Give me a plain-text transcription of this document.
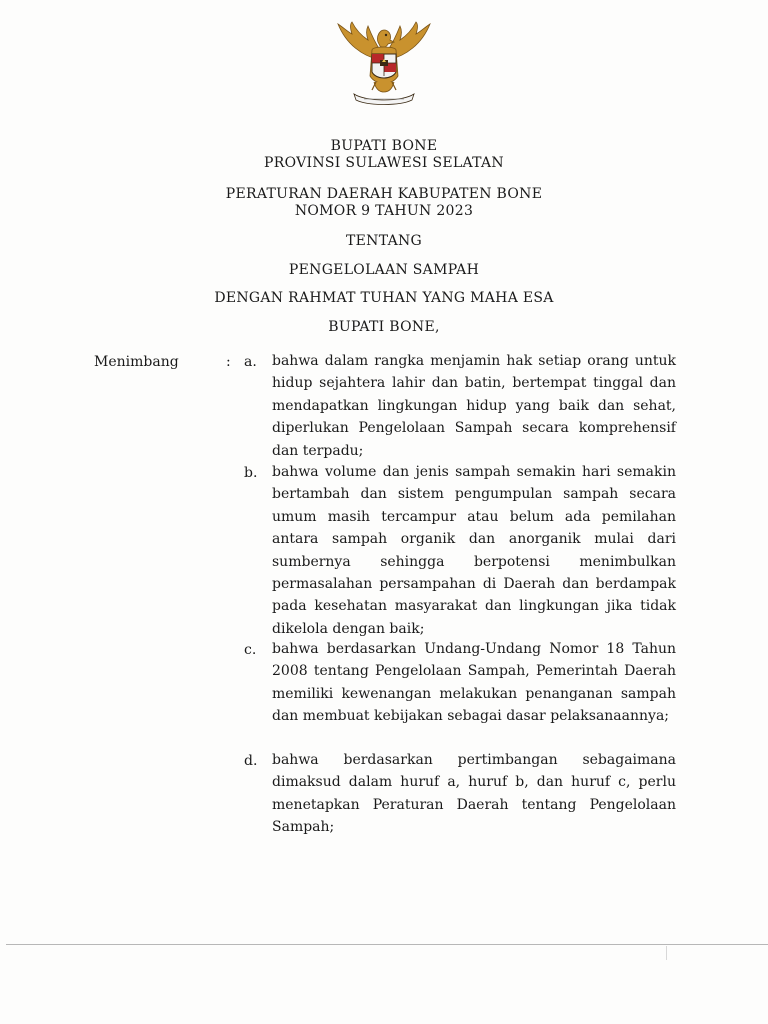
BUPATI BONE
PROVINSI SULAWESI SELATAN
PERATURAN DAERAH KABUPATEN BONE
NOMOR 9 TAHUN 2023
TENTANG
PENGELOLAAN SAMPAH
DENGAN RAHMAT TUHAN YANG MAHA ESA
BUPATI BONE,
Menimbang	: a.	bahwa dalam rangka menjamin hak setiap orang untuk hidup sejahtera lahir dan batin, bertempat tinggal dan mendapatkan lingkungan hidup yang baik dan sehat, diperlukan Pengelolaan Sampah secara komprehensif dan terpadu;
b.	bahwa volume dan jenis sampah semakin hari semakin bertambah dan sistem pengumpulan sampah secara umum masih tercampur atau belum ada pemilahan antara sampah organik dan anorganik mulai dari sumbernya sehingga berpotensi menimbulkan permasalahan persampahan di Daerah dan berdampak pada kesehatan masyarakat dan lingkungan jika tidak dikelola dengan baik;
c.	bahwa berdasarkan Undang-Undang Nomor 18 Tahun 2008 tentang Pengelolaan Sampah, Pemerintah Daerah memiliki kewenangan melakukan penanganan sampah dan membuat kebijakan sebagai dasar pelaksanaannya;
d.	bahwa berdasarkan pertimbangan sebagaimana dimaksud dalam huruf a, huruf b, dan huruf c, perlu menetapkan Peraturan Daerah tentang Pengelolaan Sampah;
